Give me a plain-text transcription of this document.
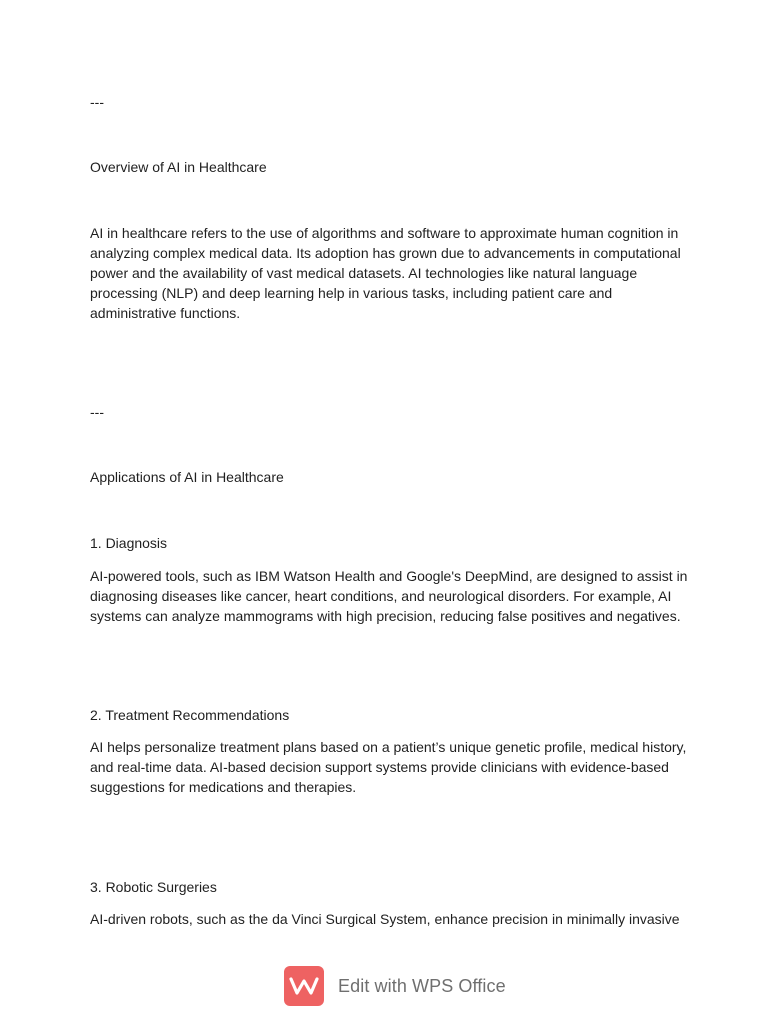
---

Overview of AI in Healthcare

AI in healthcare refers to the use of algorithms and software to approximate human cognition in analyzing complex medical data. Its adoption has grown due to advancements in computational power and the availability of vast medical datasets. AI technologies like natural language processing (NLP) and deep learning help in various tasks, including patient care and administrative functions.

---

Applications of AI in Healthcare

1. Diagnosis

AI-powered tools, such as IBM Watson Health and Google's DeepMind, are designed to assist in diagnosing diseases like cancer, heart conditions, and neurological disorders. For example, AI systems can analyze mammograms with high precision, reducing false positives and negatives.

2. Treatment Recommendations

AI helps personalize treatment plans based on a patient’s unique genetic profile, medical history, and real-time data. AI-based decision support systems provide clinicians with evidence-based suggestions for medications and therapies.

3. Robotic Surgeries

AI-driven robots, such as the da Vinci Surgical System, enhance precision in minimally invasive

Edit with WPS Office
